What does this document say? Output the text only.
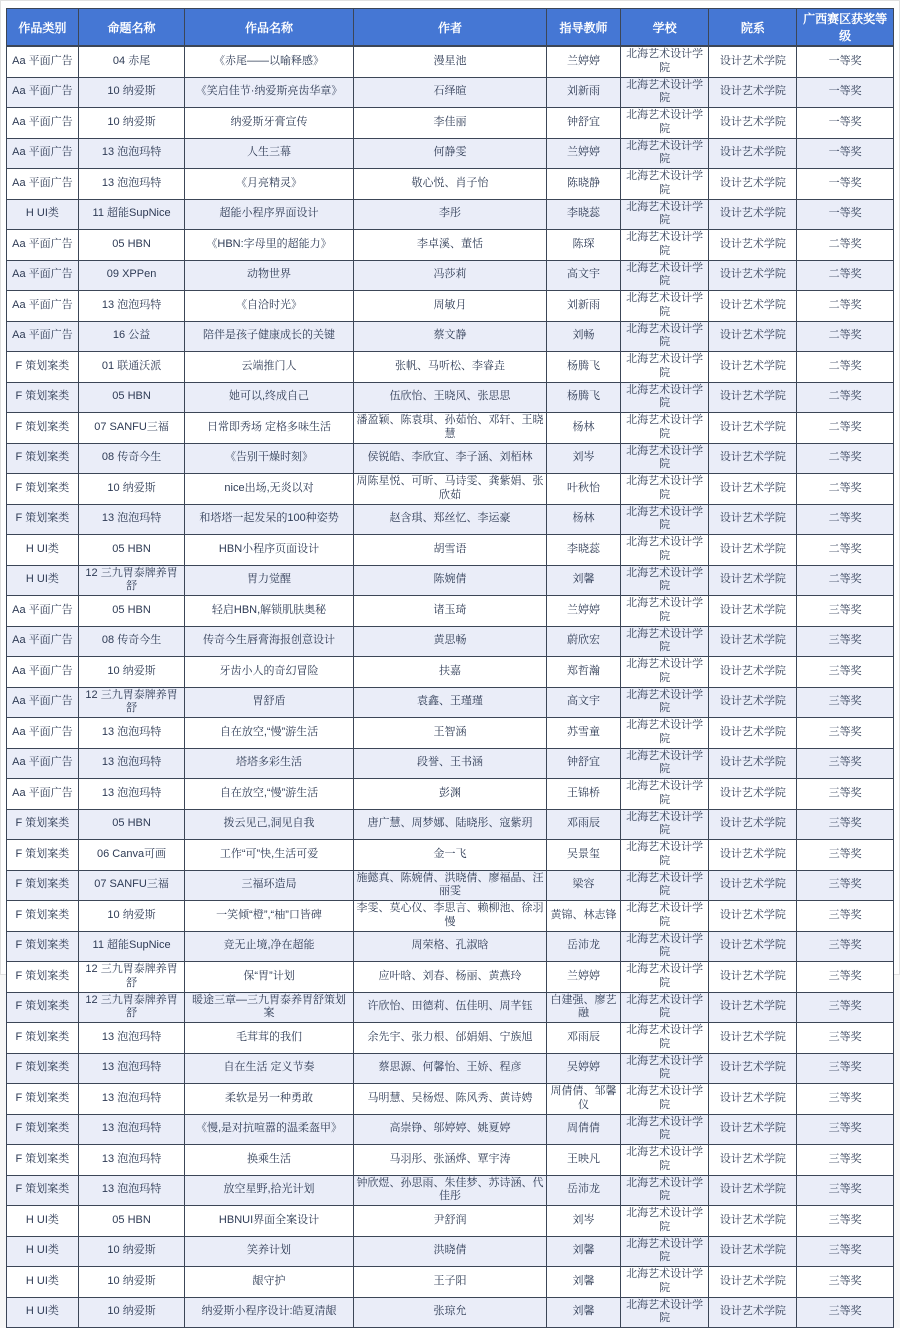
作品类别	命题名称	作品名称	作者	指导教师	学校	院系	广西赛区获奖等级
Aa 平面广告	04 赤尾	《赤尾——以喻释感》	漫星池	兰婷婷	北海艺术设计学院	设计艺术学院	一等奖
Aa 平面广告	10 纳爱斯	《笑启佳节·纳爱斯亮齿华章》	石绎暄	刘新雨	北海艺术设计学院	设计艺术学院	一等奖
Aa 平面广告	10 纳爱斯	纳爱斯牙膏宣传	李佳丽	钟舒宜	北海艺术设计学院	设计艺术学院	一等奖
Aa 平面广告	13 泡泡玛特	人生三幕	何静雯	兰婷婷	北海艺术设计学院	设计艺术学院	一等奖
Aa 平面广告	13 泡泡玛特	《月亮精灵》	敬心悦、肖子怡	陈晓静	北海艺术设计学院	设计艺术学院	一等奖
H UI类	11 超能SupNice	超能小程序界面设计	李彤	李晓蕊	北海艺术设计学院	设计艺术学院	一等奖
Aa 平面广告	05 HBN	《HBN:字母里的超能力》	李卓溪、董恬	陈琛	北海艺术设计学院	设计艺术学院	二等奖
Aa 平面广告	09 XPPen	动物世界	冯莎莉	高文宇	北海艺术设计学院	设计艺术学院	二等奖
Aa 平面广告	13 泡泡玛特	《自洽时光》	周敏月	刘新雨	北海艺术设计学院	设计艺术学院	二等奖
Aa 平面广告	16 公益	陪伴是孩子健康成长的关键	蔡文静	刘畅	北海艺术设计学院	设计艺术学院	二等奖
F 策划案类	01 联通沃派	云端推门人	张帆、马听松、李睿垚	杨腾飞	北海艺术设计学院	设计艺术学院	二等奖
F 策划案类	05 HBN	她可以,终成自己	伍欣怡、王晓风、张思思	杨腾飞	北海艺术设计学院	设计艺术学院	二等奖
F 策划案类	07 SANFU三福	日常即秀场 定格多味生活	潘盈颖、陈袁琪、孙茹怡、邓轩、王晓慧	杨林	北海艺术设计学院	设计艺术学院	二等奖
F 策划案类	08 传奇今生	《告别干燥时刻》	侯锐皓、李欣宜、李子涵、刘栢林	刘岑	北海艺术设计学院	设计艺术学院	二等奖
F 策划案类	10 纳爱斯	nice出场,无炎以对	周陈星悦、可昕、马诗雯、龚紫娟、张欣茹	叶秋怡	北海艺术设计学院	设计艺术学院	二等奖
F 策划案类	13 泡泡玛特	和塔塔一起发呆的100种姿势	赵含琪、郑丝忆、李运豪	杨林	北海艺术设计学院	设计艺术学院	二等奖
H UI类	05 HBN	HBN小程序页面设计	胡雪语	李晓蕊	北海艺术设计学院	设计艺术学院	二等奖
H UI类	12 三九胃泰牌养胃舒	胃力觉醒	陈婉倩	刘馨	北海艺术设计学院	设计艺术学院	二等奖
Aa 平面广告	05 HBN	轻启HBN,解锁肌肤奥秘	诸玉琦	兰婷婷	北海艺术设计学院	设计艺术学院	三等奖
Aa 平面广告	08 传奇今生	传奇今生唇膏海报创意设计	黄思畅	蔚欣宏	北海艺术设计学院	设计艺术学院	三等奖
Aa 平面广告	10 纳爱斯	牙齿小人的奇幻冒险	扶嘉	郑哲瀚	北海艺术设计学院	设计艺术学院	三等奖
Aa 平面广告	12 三九胃泰牌养胃舒	胃舒盾	袁鑫、王瑾瑾	高文宇	北海艺术设计学院	设计艺术学院	三等奖
Aa 平面广告	13 泡泡玛特	自在放空,“慢”游生活	王智涵	苏雪童	北海艺术设计学院	设计艺术学院	三等奖
Aa 平面广告	13 泡泡玛特	塔塔多彩生活	段誉、王书涵	钟舒宜	北海艺术设计学院	设计艺术学院	三等奖
Aa 平面广告	13 泡泡玛特	自在放空,“慢”游生活	彭渊	王锦桥	北海艺术设计学院	设计艺术学院	三等奖
F 策划案类	05 HBN	拨云见己,洞见自我	唐广慧、周梦娜、陆晓彤、寇紫玥	邓雨辰	北海艺术设计学院	设计艺术学院	三等奖
F 策划案类	06 Canva可画	工作“可”快,生活可爱	金一飞	吴景玺	北海艺术设计学院	设计艺术学院	三等奖
F 策划案类	07 SANFU三福	三福环造局	施懿真、陈婉倩、洪晓倩、廖福晶、汪丽雯	梁容	北海艺术设计学院	设计艺术学院	三等奖
F 策划案类	10 纳爱斯	一笑倾“橙”,“柚”口皆碑	李雯、莫心仪、李思言、赖柳池、徐羽慢	黄锦、林志锋	北海艺术设计学院	设计艺术学院	三等奖
F 策划案类	11 超能SupNice	竞无止境,净在超能	周荣格、孔淑晗	岳沛龙	北海艺术设计学院	设计艺术学院	三等奖
F 策划案类	12 三九胃泰牌养胃舒	保“胃”计划	应叶晗、刘春、杨丽、黄燕玲	兰婷婷	北海艺术设计学院	设计艺术学院	三等奖
F 策划案类	12 三九胃泰牌养胃舒	暖途三章—三九胃泰养胃舒策划案	许欣怡、田德莉、伍佳明、周芊钰	白建强、廖艺融	北海艺术设计学院	设计艺术学院	三等奖
F 策划案类	13 泡泡玛特	毛茸茸的我们	余先宇、张力根、邰娟娟、宁族旭	邓雨辰	北海艺术设计学院	设计艺术学院	三等奖
F 策划案类	13 泡泡玛特	自在生活 定义节奏	蔡思源、何馨怡、王娇、程彦	吴婷婷	北海艺术设计学院	设计艺术学院	三等奖
F 策划案类	13 泡泡玛特	柔软是另一种勇敢	马明慧、吴杨煜、陈风秀、黄诗娉	周倩倩、邹馨仪	北海艺术设计学院	设计艺术学院	三等奖
F 策划案类	13 泡泡玛特	《慢,是对抗喧嚣的温柔盔甲》	高崇铮、邬婷婷、姚夏婷	周倩倩	北海艺术设计学院	设计艺术学院	三等奖
F 策划案类	13 泡泡玛特	换乘生活	马羽彤、张涵烨、覃宇涛	王映凡	北海艺术设计学院	设计艺术学院	三等奖
F 策划案类	13 泡泡玛特	放空星野,拾光计划	钟欣煜、孙思雨、朱佳梦、苏诗涵、代佳彤	岳沛龙	北海艺术设计学院	设计艺术学院	三等奖
H UI类	05 HBN	HBNUI界面全案设计	尹舒润	刘岑	北海艺术设计学院	设计艺术学院	三等奖
H UI类	10 纳爱斯	笑养计划	洪晓倩	刘馨	北海艺术设计学院	设计艺术学院	三等奖
H UI类	10 纳爱斯	龈守护	王子阳	刘馨	北海艺术设计学院	设计艺术学院	三等奖
H UI类	10 纳爱斯	纳爱斯小程序设计:皓夏清龈	张琼允	刘馨	北海艺术设计学院	设计艺术学院	三等奖
